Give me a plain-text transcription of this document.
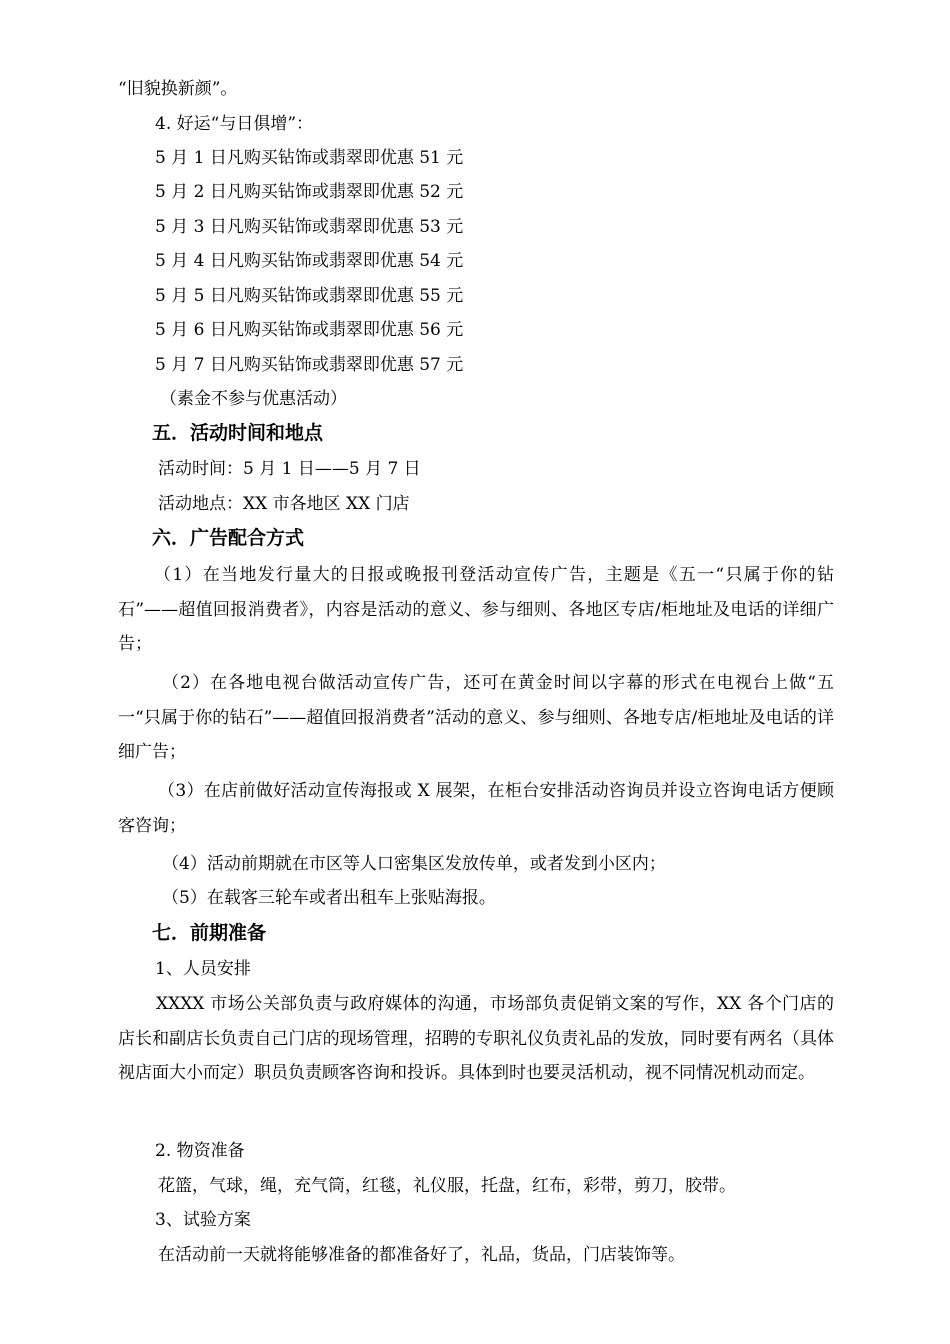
“旧貌换新颜”。
4. 好运“与日俱增”：
5 月 1 日凡购买钻饰或翡翠即优惠 51 元
5 月 2 日凡购买钻饰或翡翠即优惠 52 元
5 月 3 日凡购买钻饰或翡翠即优惠 53 元
5 月 4 日凡购买钻饰或翡翠即优惠 54 元
5 月 5 日凡购买钻饰或翡翠即优惠 55 元
5 月 6 日凡购买钻饰或翡翠即优惠 56 元
5 月 7 日凡购买钻饰或翡翠即优惠 57 元
（素金不参与优惠活动）
五．活动时间和地点
活动时间：5 月 1 日——5 月 7 日
活动地点：XX 市各地区 XX 门店
六．广告配合方式
（1）在当地发行量大的日报或晚报刊登活动宣传广告，主题是《五一“只属于你的钻石”——超值回报消费者》，内容是活动的意义、参与细则、各地区专店/柜地址及电话的详细广告；
（2）在各地电视台做活动宣传广告，还可在黄金时间以字幕的形式在电视台上做“五一“只属于你的钻石”——超值回报消费者”活动的意义、参与细则、各地专店/柜地址及电话的详细广告；
（3）在店前做好活动宣传海报或 X 展架，在柜台安排活动咨询员并设立咨询电话方便顾客咨询；
（4）活动前期就在市区等人口密集区发放传单，或者发到小区内；
（5）在载客三轮车或者出租车上张贴海报。
七．前期准备
1、人员安排
XXXX 市场公关部负责与政府媒体的沟通，市场部负责促销文案的写作，XX 各个门店的店长和副店长负责自己门店的现场管理，招聘的专职礼仪负责礼品的发放，同时要有两名（具体视店面大小而定）职员负责顾客咨询和投诉。具体到时也要灵活机动，视不同情况机动而定。
2. 物资准备
花篮，气球，绳，充气筒，红毯，礼仪服，托盘，红布，彩带，剪刀，胶带。
3、试验方案
在活动前一天就将能够准备的都准备好了，礼品，货品，门店装饰等。
